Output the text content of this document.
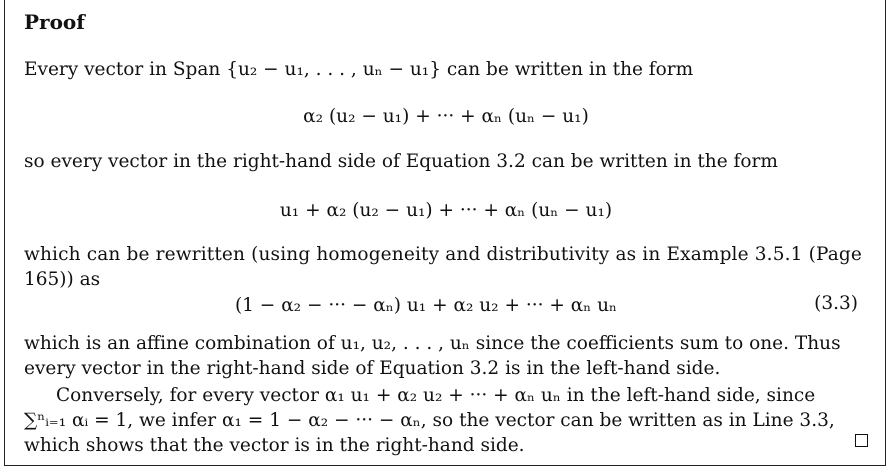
Proof
Every vector in Span {u₂ − u₁, . . . , uₙ − u₁} can be written in the form
α₂ (u₂ − u₁) + ··· + αₙ (uₙ − u₁)
so every vector in the right-hand side of Equation 3.2 can be written in the form
u₁ + α₂ (u₂ − u₁) + ··· + αₙ (uₙ − u₁)
which can be rewritten (using homogeneity and distributivity as in Example 3.5.1 (Page
165)) as
(1 − α₂ − ··· − αₙ) u₁ + α₂ u₂ + ··· + αₙ uₙ	(3.3)
which is an affine combination of u₁, u₂, . . . , uₙ since the coefficients sum to one. Thus
every vector in the right-hand side of Equation 3.2 is in the left-hand side.
Conversely, for every vector α₁ u₁ + α₂ u₂ + ··· + αₙ uₙ in the left-hand side, since
∑ⁿᵢ₌₁ αᵢ = 1, we infer α₁ = 1 − α₂ − ··· − αₙ, so the vector can be written as in Line 3.3,
which shows that the vector is in the right-hand side.
